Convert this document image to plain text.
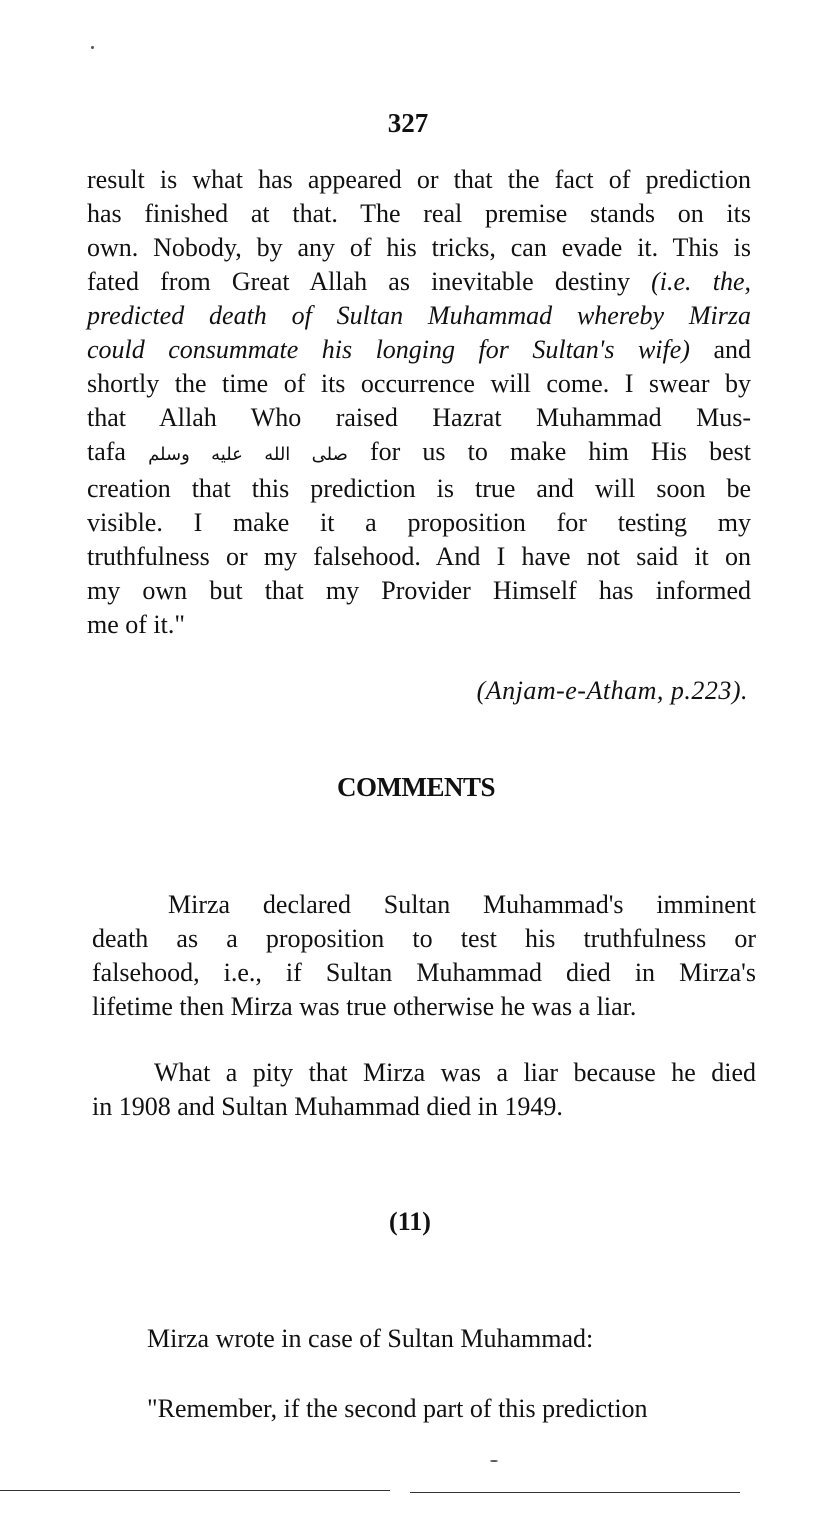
327
result is what has appeared or that the fact of prediction
has finished at that. The real premise stands on its
own. Nobody, by any of his tricks, can evade it. This is
fated from Great Allah as inevitable destiny (i.e. the,
predicted death of Sultan Muhammad whereby Mirza
could consummate his longing for Sultan's wife) and
shortly the time of its occurrence will come. I swear by
that Allah Who raised Hazrat Muhammad Mus-
tafa صلى الله عليه وسلم for us to make him His best
creation that this prediction is true and will soon be
visible. I make it a proposition for testing my
truthfulness or my falsehood. And I have not said it on
my own but that my Provider Himself has informed
me of it."
(Anjam-e-Atham, p.223).
COMMENTS
Mirza declared Sultan Muhammad's imminent
death as a proposition to test his truthfulness or
falsehood, i.e., if Sultan Muhammad died in Mirza's
lifetime then Mirza was true otherwise he was a liar.
What a pity that Mirza was a liar because he died
in 1908 and Sultan Muhammad died in 1949.
(11)
Mirza wrote in case of Sultan Muhammad:
"Remember, if the second part of this prediction
